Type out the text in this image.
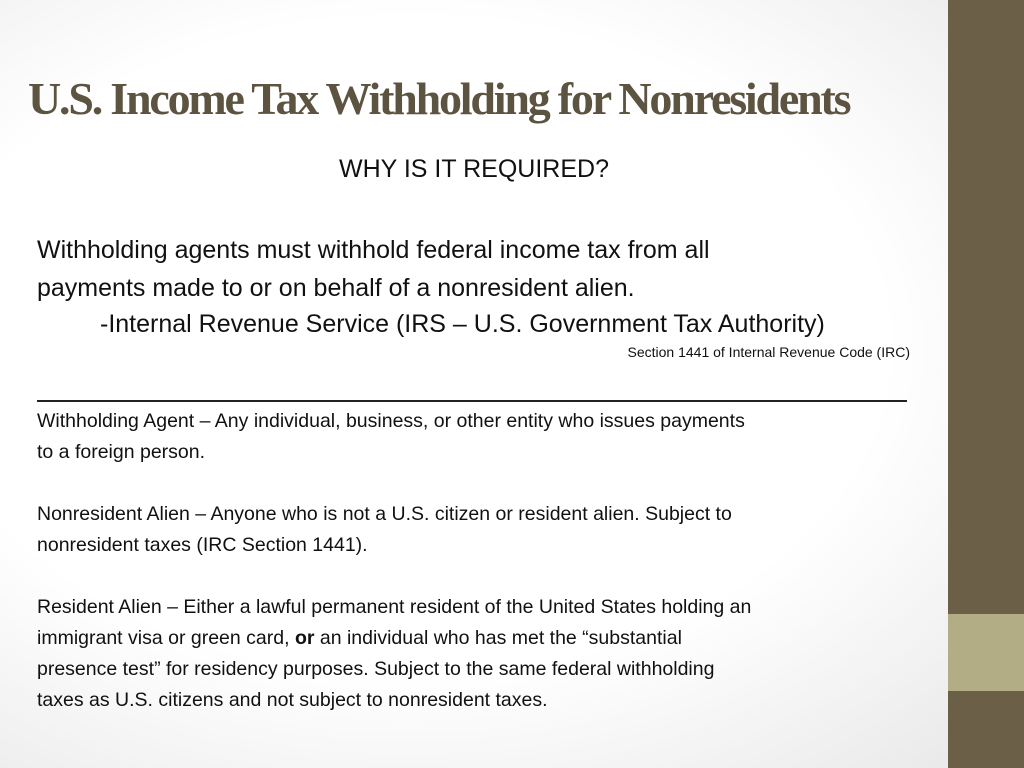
U.S. Income Tax Withholding for Nonresidents
WHY IS IT REQUIRED?
Withholding agents must withhold federal income tax from all
payments made to or on behalf of a nonresident alien.
-Internal Revenue Service (IRS – U.S. Government Tax Authority)
Section 1441 of Internal Revenue Code (IRC)

Withholding Agent – Any individual, business, or other entity who issues payments
to a foreign person.

Nonresident Alien – Anyone who is not a U.S. citizen or resident alien. Subject to
nonresident taxes (IRC Section 1441).

Resident Alien – Either a lawful permanent resident of the United States holding an
immigrant visa or green card, or an individual who has met the “substantial
presence test” for residency purposes. Subject to the same federal withholding
taxes as U.S. citizens and not subject to nonresident taxes.
